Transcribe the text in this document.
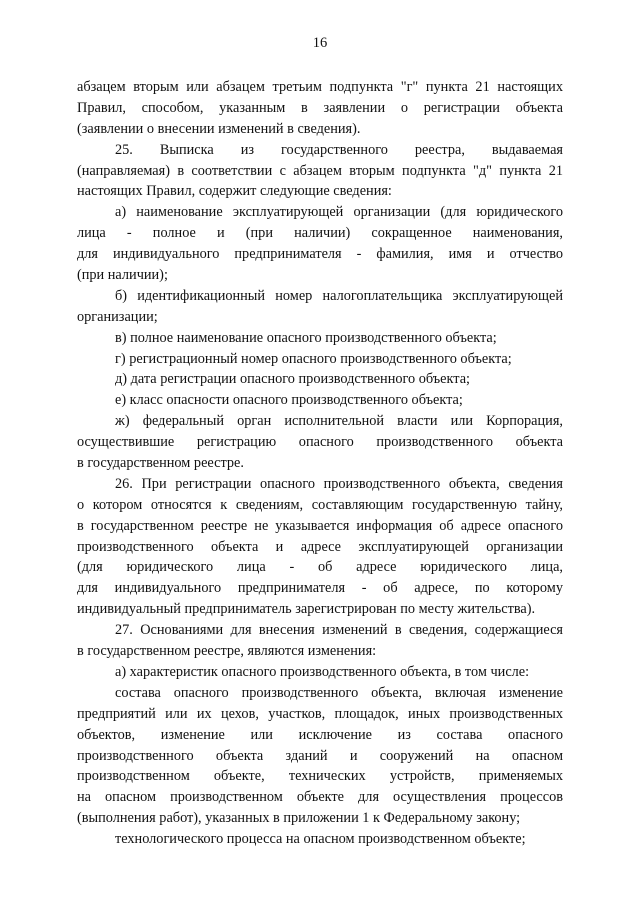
16
абзацем вторым или абзацем третьим подпункта "г" пункта 21 настоящих
Правил, способом, указанным в заявлении о регистрации объекта
(заявлении о внесении изменений в сведения).
25. Выписка из государственного реестра, выдаваемая
(направляемая) в соответствии с абзацем вторым подпункта "д" пункта 21
настоящих Правил, содержит следующие сведения:
а) наименование эксплуатирующей организации (для юридического
лица - полное и (при наличии) сокращенное наименования,
для индивидуального предпринимателя - фамилия, имя и отчество
(при наличии);
б) идентификационный номер налогоплательщика эксплуатирующей
организации;
в) полное наименование опасного производственного объекта;
г) регистрационный номер опасного производственного объекта;
д) дата регистрации опасного производственного объекта;
е) класс опасности опасного производственного объекта;
ж) федеральный орган исполнительной власти или Корпорация,
осуществившие регистрацию опасного производственного объекта
в государственном реестре.
26. При регистрации опасного производственного объекта, сведения
о котором относятся к сведениям, составляющим государственную тайну,
в государственном реестре не указывается информация об адресе опасного
производственного объекта и адресе эксплуатирующей организации
(для юридического лица - об адресе юридического лица,
для индивидуального предпринимателя - об адресе, по которому
индивидуальный предприниматель зарегистрирован по месту жительства).
27. Основаниями для внесения изменений в сведения, содержащиеся
в государственном реестре, являются изменения:
а) характеристик опасного производственного объекта, в том числе:
состава опасного производственного объекта, включая изменение
предприятий или их цехов, участков, площадок, иных производственных
объектов, изменение или исключение из состава опасного
производственного объекта зданий и сооружений на опасном
производственном объекте, технических устройств, применяемых
на опасном производственном объекте для осуществления процессов
(выполнения работ), указанных в приложении 1 к Федеральному закону;
технологического процесса на опасном производственном объекте;
